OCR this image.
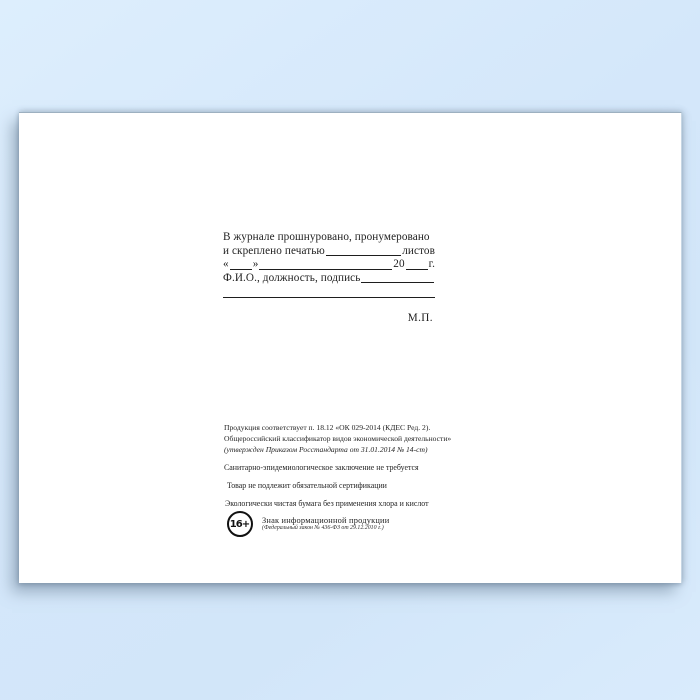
В журнале прошнуровано, пронумеровано
и скреплено печатью	листов
« »	20 г.
Ф.И.О., должность, подпись
М.П.
Продукция соответствует п. 18.12 «ОК 029-2014 (КДЕС Ред. 2).
Общероссийский классификатор видов экономической деятельности»
(утвержден Приказом Росстандарта от 31.01.2014 № 14-ст)
Санитарно-эпидемиологическое заключение не требуется
Товар не подлежит обязательной сертификации
Экологически чистая бумага без применения хлора и кислот
16+	Знак информационной продукции
(Федеральный закон № 436-ФЗ от 29.12.2010 г.)
